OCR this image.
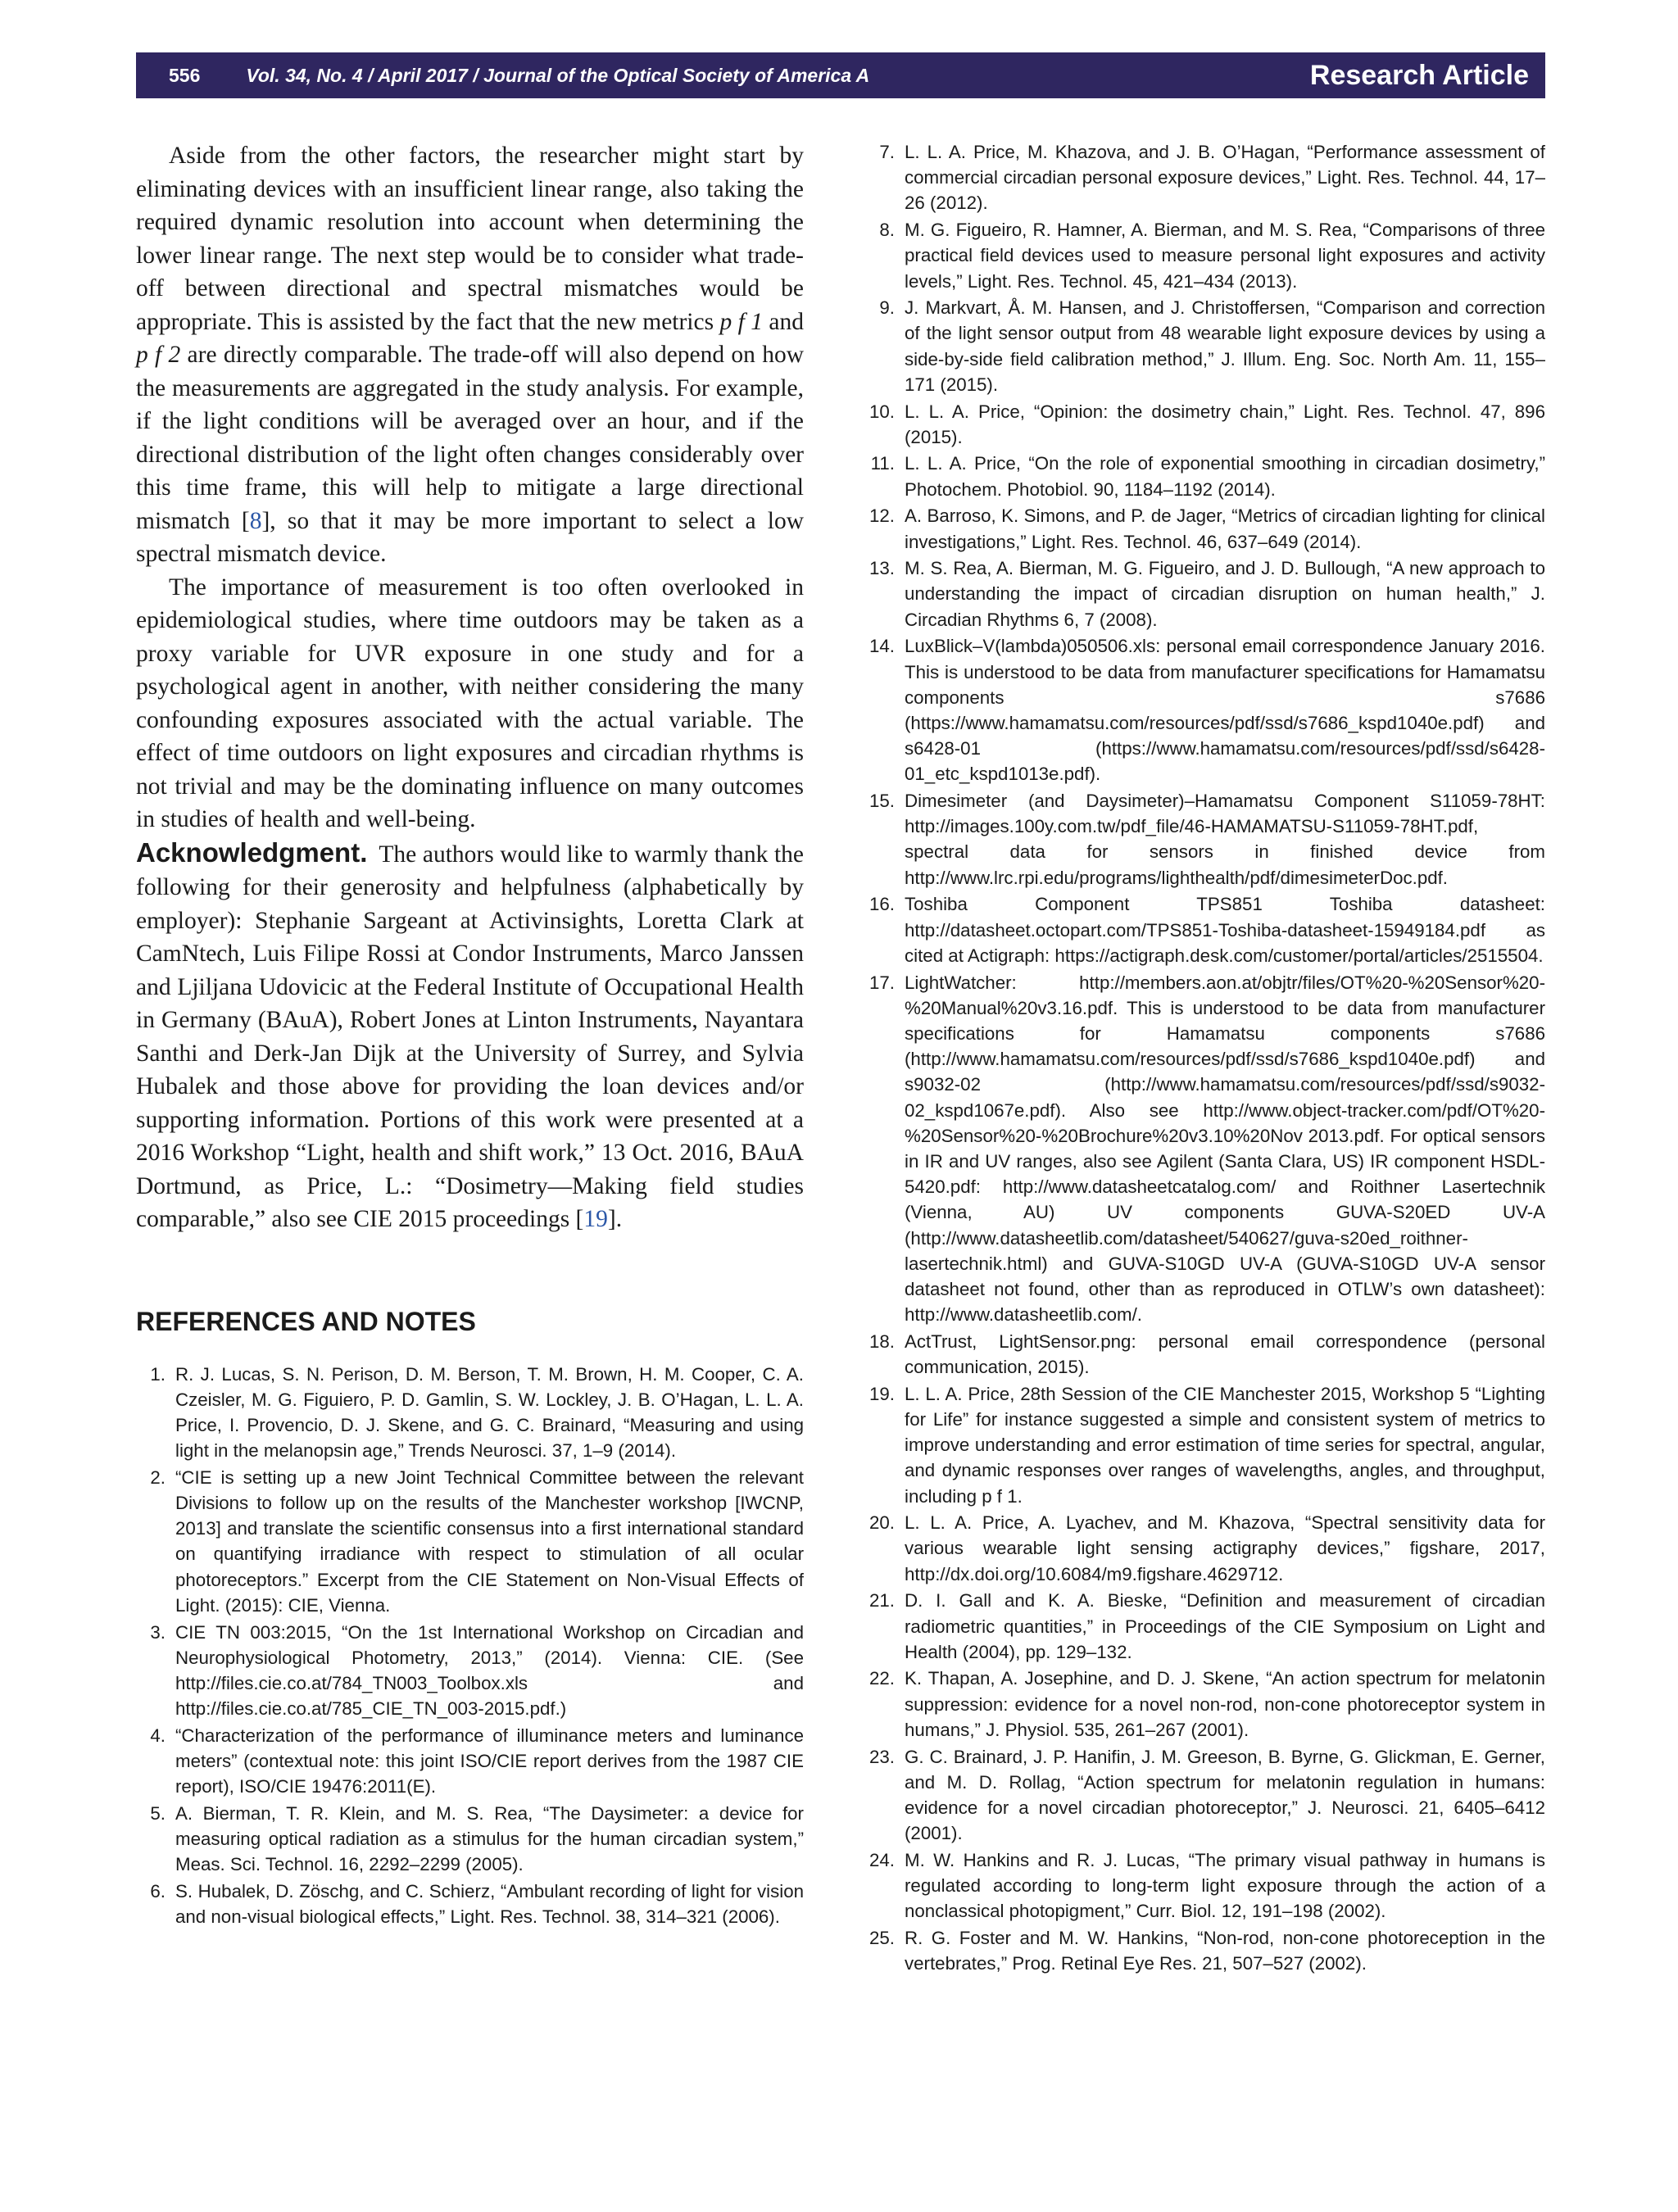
556 Vol. 34, No. 4 / April 2017 / Journal of the Optical Society of America A	Research Article

Aside from the other factors, the researcher might start by eliminating devices with an insufficient linear range, also taking the required dynamic resolution into account when determining the lower linear range. The next step would be to consider what trade-off between directional and spectral mismatches would be appropriate. This is assisted by the fact that the new metrics p f 1 and p f 2 are directly comparable. The trade-off will also depend on how the measurements are aggregated in the study analysis. For example, if the light conditions will be averaged over an hour, and if the directional distribution of the light often changes considerably over this time frame, this will help to mitigate a large directional mismatch [8], so that it may be more important to select a low spectral mismatch device.

The importance of measurement is too often overlooked in epidemiological studies, where time outdoors may be taken as a proxy variable for UVR exposure in one study and for a psychological agent in another, with neither considering the many confounding exposures associated with the actual variable. The effect of time outdoors on light exposures and circadian rhythms is not trivial and may be the dominating influence on many outcomes in studies of health and well-being.

Acknowledgment. The authors would like to warmly thank the following for their generosity and helpfulness (alphabetically by employer): Stephanie Sargeant at Activinsights, Loretta Clark at CamNtech, Luis Filipe Rossi at Condor Instruments, Marco Janssen and Ljiljana Udovicic at the Federal Institute of Occupational Health in Germany (BAuA), Robert Jones at Linton Instruments, Nayantara Santhi and Derk-Jan Dijk at the University of Surrey, and Sylvia Hubalek and those above for providing the loan devices and/or supporting information. Portions of this work were presented at a 2016 Workshop “Light, health and shift work,” 13 Oct. 2016, BAuA Dortmund, as Price, L.: “Dosimetry—Making field studies comparable,” also see CIE 2015 proceedings [19].

REFERENCES AND NOTES
1. R. J. Lucas, S. N. Perison, D. M. Berson, T. M. Brown, H. M. Cooper, C. A. Czeisler, M. G. Figuiero, P. D. Gamlin, S. W. Lockley, J. B. O’Hagan, L. L. A. Price, I. Provencio, D. J. Skene, and G. C. Brainard, “Measuring and using light in the melanopsin age,” Trends Neurosci. 37, 1–9 (2014).
2. “CIE is setting up a new Joint Technical Committee between the relevant Divisions to follow up on the results of the Manchester workshop [IWCNP, 2013] and translate the scientific consensus into a first international standard on quantifying irradiance with respect to stimulation of all ocular photoreceptors.” Excerpt from the CIE Statement on Non-Visual Effects of Light. (2015): CIE, Vienna.
3. CIE TN 003:2015, “On the 1st International Workshop on Circadian and Neurophysiological Photometry, 2013,” (2014). Vienna: CIE. (See http://files.cie.co.at/784_TN003_Toolbox.xls and http://files.cie.co.at/785_CIE_TN_003-2015.pdf.)
4. “Characterization of the performance of illuminance meters and luminance meters” (contextual note: this joint ISO/CIE report derives from the 1987 CIE report), ISO/CIE 19476:2011(E).
5. A. Bierman, T. R. Klein, and M. S. Rea, “The Daysimeter: a device for measuring optical radiation as a stimulus for the human circadian system,” Meas. Sci. Technol. 16, 2292–2299 (2005).
6. S. Hubalek, D. Zöschg, and C. Schierz, “Ambulant recording of light for vision and non-visual biological effects,” Light. Res. Technol. 38, 314–321 (2006).
7. L. L. A. Price, M. Khazova, and J. B. O’Hagan, “Performance assessment of commercial circadian personal exposure devices,” Light. Res. Technol. 44, 17–26 (2012).
8. M. G. Figueiro, R. Hamner, A. Bierman, and M. S. Rea, “Comparisons of three practical field devices used to measure personal light exposures and activity levels,” Light. Res. Technol. 45, 421–434 (2013).
9. J. Markvart, Å. M. Hansen, and J. Christoffersen, “Comparison and correction of the light sensor output from 48 wearable light exposure devices by using a side-by-side field calibration method,” J. Illum. Eng. Soc. North Am. 11, 155–171 (2015).
10. L. L. A. Price, “Opinion: the dosimetry chain,” Light. Res. Technol. 47, 896 (2015).
11. L. L. A. Price, “On the role of exponential smoothing in circadian dosimetry,” Photochem. Photobiol. 90, 1184–1192 (2014).
12. A. Barroso, K. Simons, and P. de Jager, “Metrics of circadian lighting for clinical investigations,” Light. Res. Technol. 46, 637–649 (2014).
13. M. S. Rea, A. Bierman, M. G. Figueiro, and J. D. Bullough, “A new approach to understanding the impact of circadian disruption on human health,” J. Circadian Rhythms 6, 7 (2008).
14. LuxBlick–V(lambda)050506.xls: personal email correspondence January 2016. This is understood to be data from manufacturer specifications for Hamamatsu components s7686 (https://www.hamamatsu.com/resources/pdf/ssd/s7686_kspd1040e.pdf) and s6428-01 (https://www.hamamatsu.com/resources/pdf/ssd/s6428-01_etc_kspd1013e.pdf).
15. Dimesimeter (and Daysimeter)–Hamamatsu Component S11059-78HT: http://images.100y.com.tw/pdf_file/46-HAMAMATSU-S11059-78HT.pdf, spectral data for sensors in finished device from http://www.lrc.rpi.edu/programs/lighthealth/pdf/dimesimeterDoc.pdf.
16. Toshiba Component TPS851 Toshiba datasheet: http://datasheet.octopart.com/TPS851-Toshiba-datasheet-15949184.pdf as cited at Actigraph: https://actigraph.desk.com/customer/portal/articles/2515504.
17. LightWatcher: http://members.aon.at/objtr/files/OT%20-%20Sensor%20-%20Manual%20v3.16.pdf. This is understood to be data from manufacturer specifications for Hamamatsu components s7686 (http://www.hamamatsu.com/resources/pdf/ssd/s7686_kspd1040e.pdf) and s9032-02 (http://www.hamamatsu.com/resources/pdf/ssd/s9032-02_kspd1067e.pdf). Also see http://www.object-tracker.com/pdf/OT%20-%20Sensor%20-%20Brochure%20v3.10%20Nov 2013.pdf. For optical sensors in IR and UV ranges, also see Agilent (Santa Clara, US) IR component HSDL-5420.pdf: http://www.datasheetcatalog.com/ and Roithner Lasertechnik (Vienna, AU) UV components GUVA-S20ED UV-A (http://www.datasheetlib.com/datasheet/540627/guva-s20ed_roithner-lasertechnik.html) and GUVA-S10GD UV-A (GUVA-S10GD UV-A sensor datasheet not found, other than as reproduced in OTLW’s own datasheet): http://www.datasheetlib.com/.
18. ActTrust, LightSensor.png: personal email correspondence (personal communication, 2015).
19. L. L. A. Price, 28th Session of the CIE Manchester 2015, Workshop 5 “Lighting for Life” for instance suggested a simple and consistent system of metrics to improve understanding and error estimation of time series for spectral, angular, and dynamic responses over ranges of wavelengths, angles, and throughput, including p f 1.
20. L. L. A. Price, A. Lyachev, and M. Khazova, “Spectral sensitivity data for various wearable light sensing actigraphy devices,” figshare, 2017, http://dx.doi.org/10.6084/m9.figshare.4629712.
21. D. I. Gall and K. A. Bieske, “Definition and measurement of circadian radiometric quantities,” in Proceedings of the CIE Symposium on Light and Health (2004), pp. 129–132.
22. K. Thapan, A. Josephine, and D. J. Skene, “An action spectrum for melatonin suppression: evidence for a novel non-rod, non-cone photoreceptor system in humans,” J. Physiol. 535, 261–267 (2001).
23. G. C. Brainard, J. P. Hanifin, J. M. Greeson, B. Byrne, G. Glickman, E. Gerner, and M. D. Rollag, “Action spectrum for melatonin regulation in humans: evidence for a novel circadian photoreceptor,” J. Neurosci. 21, 6405–6412 (2001).
24. M. W. Hankins and R. J. Lucas, “The primary visual pathway in humans is regulated according to long-term light exposure through the action of a nonclassical photopigment,” Curr. Biol. 12, 191–198 (2002).
25. R. G. Foster and M. W. Hankins, “Non-rod, non-cone photoreception in the vertebrates,” Prog. Retinal Eye Res. 21, 507–527 (2002).
